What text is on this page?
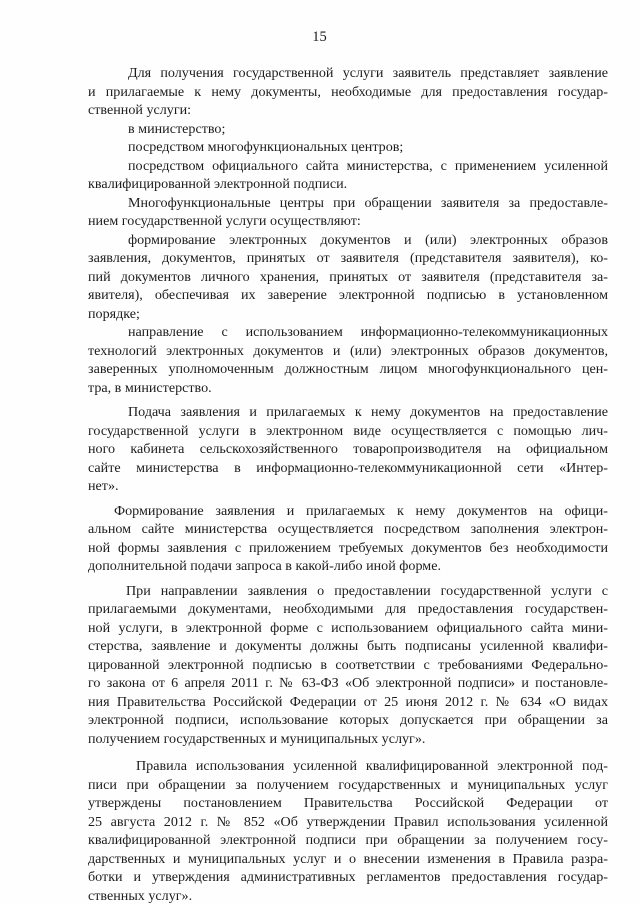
15
Для получения государственной услуги заявитель представляет заявление
и прилагаемые к нему документы, необходимые для предоставления государ-
ственной услуги:
в министерство;
посредством многофункциональных центров;
посредством официального сайта министерства, с применением усиленной
квалифицированной электронной подписи.
Многофункциональные центры при обращении заявителя за предоставле-
нием государственной услуги осуществляют:
формирование электронных документов и (или) электронных образов
заявления, документов, принятых от заявителя (представителя заявителя), ко-
пий документов личного хранения, принятых от заявителя (представителя за-
явителя), обеспечивая их заверение электронной подписью в установленном
порядке;
направление с использованием информационно-телекоммуникационных
технологий электронных документов и (или) электронных образов документов,
заверенных уполномоченным должностным лицом многофункционального цен-
тра, в министерство.
Подача заявления и прилагаемых к нему документов на предоставление
государственной услуги в электронном виде осуществляется с помощью лич-
ного кабинета сельскохозяйственного товаропроизводителя на официальном
сайте министерства в информационно-телекоммуникационной сети «Интер-
нет».
Формирование заявления и прилагаемых к нему документов на офици-
альном сайте министерства осуществляется посредством заполнения электрон-
ной формы заявления с приложением требуемых документов без необходимости
дополнительной подачи запроса в какой-либо иной форме.
При направлении заявления о предоставлении государственной услуги с
прилагаемыми документами, необходимыми для предоставления государствен-
ной услуги, в электронной форме с использованием официального сайта мини-
стерства, заявление и документы должны быть подписаны усиленной квалифи-
цированной электронной подписью в соответствии с требованиями Федерально-
го закона от 6 апреля 2011 г. № 63-ФЗ «Об электронной подписи» и постановле-
ния Правительства Российской Федерации от 25 июня 2012 г. № 634 «О видах
электронной подписи, использование которых допускается при обращении за
получением государственных и муниципальных услуг».
Правила использования усиленной квалифицированной электронной под-
писи при обращении за получением государственных и муниципальных услуг
утверждены постановлением Правительства Российской Федерации от
25 августа 2012 г. № 852 «Об утверждении Правил использования усиленной
квалифицированной электронной подписи при обращении за получением госу-
дарственных и муниципальных услуг и о внесении изменения в Правила разра-
ботки и утверждения административных регламентов предоставления государ-
ственных услуг».
